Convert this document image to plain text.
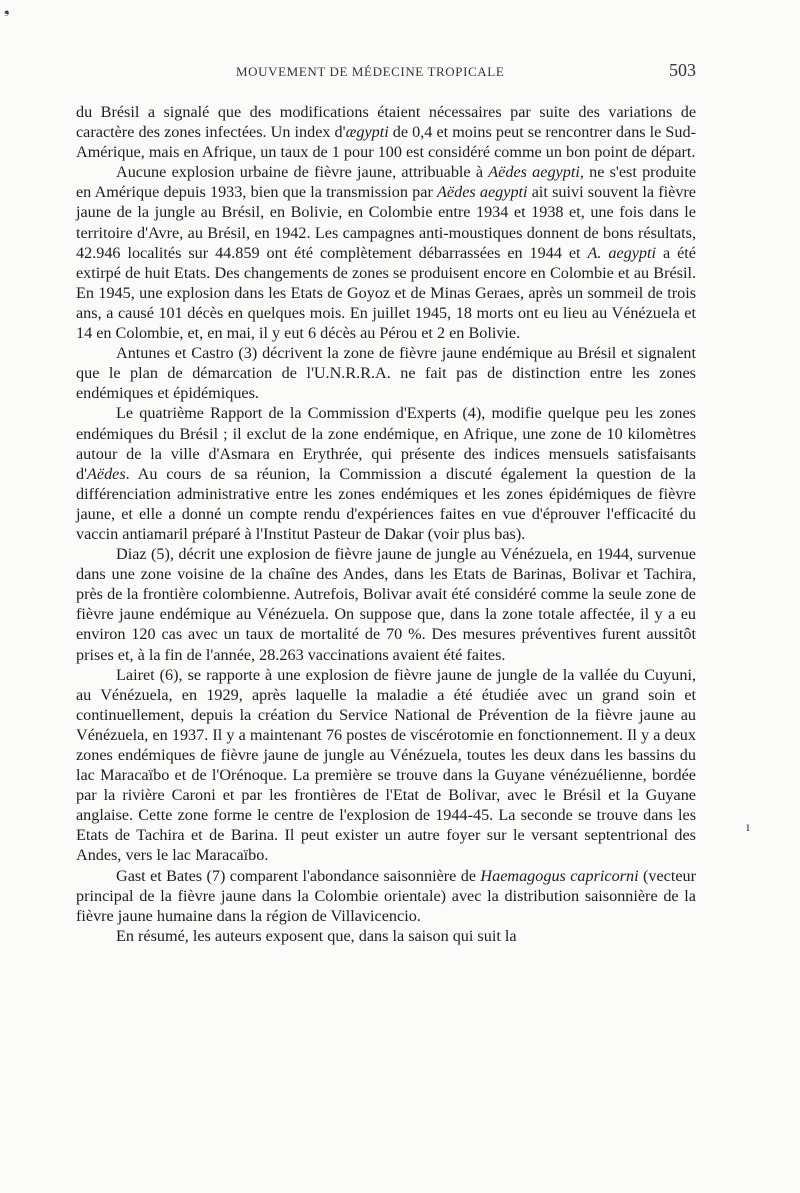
❟
ı
MOUVEMENT DE MÉDECINE TROPICALE	503

du Brésil a signalé que des modifications étaient nécessaires par suite des variations de caractère des zones infectées. Un index d'ægypti de 0,4 et moins peut se rencontrer dans le Sud-Amérique, mais en Afrique, un taux de 1 pour 100 est considéré comme un bon point de départ.

Aucune explosion urbaine de fièvre jaune, attribuable à Aëdes aegypti, ne s'est produite en Amérique depuis 1933, bien que la transmission par Aëdes aegypti ait suivi souvent la fièvre jaune de la jungle au Brésil, en Bolivie, en Colombie entre 1934 et 1938 et, une fois dans le territoire d'Avre, au Brésil, en 1942. Les campagnes anti-moustiques donnent de bons résultats, 42.946 localités sur 44.859 ont été complètement débarrassées en 1944 et A. aegypti a été extirpé de huit Etats. Des changements de zones se produisent encore en Colombie et au Brésil. En 1945, une explosion dans les Etats de Goyoz et de Minas Geraes, après un sommeil de trois ans, a causé 101 décès en quelques mois. En juillet 1945, 18 morts ont eu lieu au Vénézuela et 14 en Colombie, et, en mai, il y eut 6 décès au Pérou et 2 en Bolivie.

Antunes et Castro (3) décrivent la zone de fièvre jaune endémique au Brésil et signalent que le plan de démarcation de l'U.N.R.R.A. ne fait pas de distinction entre les zones endémiques et épidémiques.

Le quatrième Rapport de la Commission d'Experts (4), modifie quelque peu les zones endémiques du Brésil ; il exclut de la zone endémique, en Afrique, une zone de 10 kilomètres autour de la ville d'Asmara en Erythrée, qui présente des indices mensuels satisfaisants d'Aëdes. Au cours de sa réunion, la Commission a discuté également la question de la différenciation administrative entre les zones endémiques et les zones épidémiques de fièvre jaune, et elle a donné un compte rendu d'expériences faites en vue d'éprouver l'efficacité du vaccin antiamaril préparé à l'Institut Pasteur de Dakar (voir plus bas).

Diaz (5), décrit une explosion de fièvre jaune de jungle au Vénézuela, en 1944, survenue dans une zone voisine de la chaîne des Andes, dans les Etats de Barinas, Bolivar et Tachira, près de la frontière colombienne. Autrefois, Bolivar avait été considéré comme la seule zone de fièvre jaune endémique au Vénézuela. On suppose que, dans la zone totale affectée, il y a eu environ 120 cas avec un taux de mortalité de 70 %. Des mesures préventives furent aussitôt prises et, à la fin de l'année, 28.263 vaccinations avaient été faites.

Lairet (6), se rapporte à une explosion de fièvre jaune de jungle de la vallée du Cuyuni, au Vénézuela, en 1929, après laquelle la maladie a été étudiée avec un grand soin et continuellement, depuis la création du Service National de Prévention de la fièvre jaune au Vénézuela, en 1937. Il y a maintenant 76 postes de viscérotomie en fonctionnement. Il y a deux zones endémiques de fièvre jaune de jungle au Vénézuela, toutes les deux dans les bassins du lac Maracaïbo et de l'Orénoque. La première se trouve dans la Guyane vénézuélienne, bordée par la rivière Caroni et par les frontières de l'Etat de Bolivar, avec le Brésil et la Guyane anglaise. Cette zone forme le centre de l'explosion de 1944-45. La seconde se trouve dans les Etats de Tachira et de Barina. Il peut exister un autre foyer sur le versant septentrional des Andes, vers le lac Maracaïbo.

Gast et Bates (7) comparent l'abondance saisonnière de Haemagogus capricorni (vecteur principal de la fièvre jaune dans la Colombie orientale) avec la distribution saisonnière de la fièvre jaune humaine dans la région de Villavicencio.

En résumé, les auteurs exposent que, dans la saison qui suit la
